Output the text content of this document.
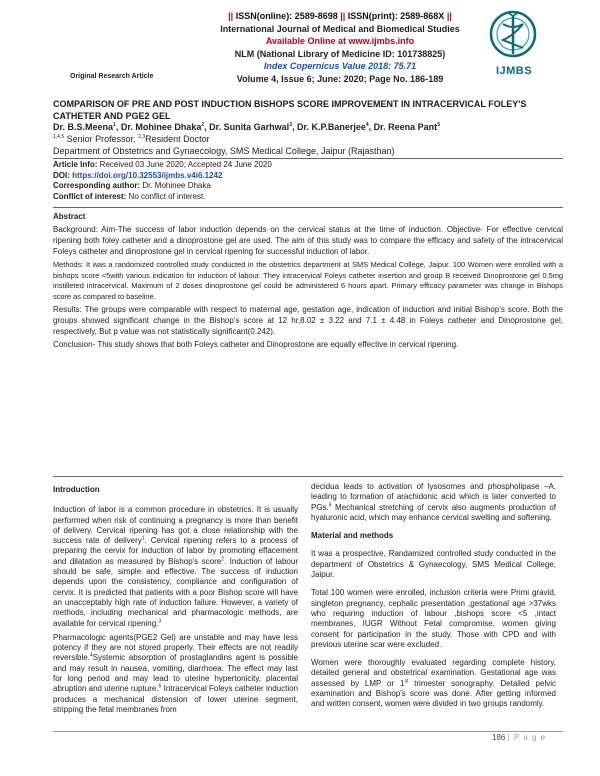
|| ISSN(online): 2589-8698 || ISSN(print): 2589-868X ||
International Journal of Medical and Biomedical Studies
Available Online at www.ijmbs.info
NLM (National Library of Medicine ID: 101738825)
Index Copernicus Value 2018: 75.71
Volume 4, Issue 6; June: 2020; Page No. 186-189
Original Research Article	IJMBS
COMPARISON OF PRE AND POST INDUCTION BISHOPS SCORE IMPROVEMENT IN INTRACERVICAL FOLEY'S CATHETER AND PGE2 GEL
Dr. B.S.Meena$^1$, Dr. Mohinee Dhaka$^2$, Dr. Sunita Garhwal$^3$, Dr. K.P.Banerjee$^4$, Dr. Reena Pant$^5$
$^{1,4,5}$ Senior Professor, $^{2,3}$Resident Doctor
Department of Obstetrics and Gynaecology, SMS Medical College, Jaipur (Rajasthan)
Article Info: Received 03 June 2020; Accepted 24 June 2020
DOI: https://doi.org/10.32553/ijmbs.v4i6.1242
Corresponding author: Dr. Mohinee Dhaka
Conflict of interest: No conflict of interest.

Abstract

Background: Aim-The success of labor induction depends on the cervical status at the time of induction. Objective- For effective cervical ripening both foley catheter and a dinoprostone gel are used. The aim of this study was to compare the efficacy and safety of the intracervical Foleys catheter and dinoprostone gel in cervical ripening for successful induction of labor.

Methods: It was a randomized controlled study conducted in the obstetrics department at SMS Medical College, Jaipur. 100 Women were enrolled with a bishops score <5with various indication for induction of labour. They intracervical Foleys catheter insertion and group B received Dinoprostone gel 0.5mg instilleted intracervical. Maximum of 2 doses dinoprostone gel could be administered 6 hours apart. Primary efficacy parameter was change in Bishops score as compared to baseline.

Results: The groups were comparable with respect to maternal age, gestation age, indication of induction and initial Bishop's score. Both the groups showed significant change in the Bishop's score at 12 hr,8.02 ± 3.22 and 7.1 ± 4.48 in Foleys catheter and Dinoprostone gel, respectively, But p value was not statistically significant(0.242).

Conclusion- This study shows that both Foleys catheter and Dinoprostone are equally effective in cervical ripening.

Introduction

Induction of labor is a common procedure in obstetrics. It is usually performed when risk of continuing a pregnancy is more than benefit of delivery. Cervical ripening has got a close relationship with the success rate of delivery$^1$. Cervical ripening refers to a process of preparing the cervix for induction of labor by promoting effacement and dilatation as measured by Bishop's score$^2$. Induction of labour should be safe, simple and effective. The success of induction depends upon the consistency, compliance and configuration of cervix. It is predicted that patients with a poor Bishop score will have an unacceptably high rate of induction failure. However, a variety of methods, including mechanical and pharmacologic methods, are available for cervical ripening.$^3$

Pharmacologic agents(PGE2 Gel) are unstable and may have less potency if they are not stored properly. Their effects are not readily reversible.$^4$Systemic absorption of prostaglandins agent is possible and may result in nausea, vomiting, diarrhoea. The effect may last for long period and may lead to uterine hypertonicity, placental abruption and uterine rupture.$^5$ Intracervical Foleys catheter induction produces a mechanical distension of lower uterine segment, stripping the fetal membranes from

decidua leads to activation of lysosomes and phospholipase –A, leading to formation of arachidonic acid which is later converted to PGs.$^6$ Mechanical stretching of cervix also augments production of hyaluronic acid, which may enhance cervical swelling and softening.

Material and methods

It was a prospective, Randamized controlled study conducted in the department of Obstetrics & Gynaecology, SMS Medical College, Jaipur.

Total 100 women were enrolled, inclusion criteria were Primi gravid, singleton pregnancy, cephalic presentation ,gestational age >37wks who requiring induction of labour ,bishops score <5 ,intact membranes, IUGR Without Fetal compromise, women giving consent for participation in the study. Those with CPD and with previous uterine scar were excluded.

Women were thoroughly evaluated regarding complete history, detailed general and obstetrical examination. Gestational age was assessed by LMP or 1st trimester sonography. Detailed pelvic examination and Bishop's score was done. After getting informed and written consent, women were divided in two groups randomly.

186 | P a g e
